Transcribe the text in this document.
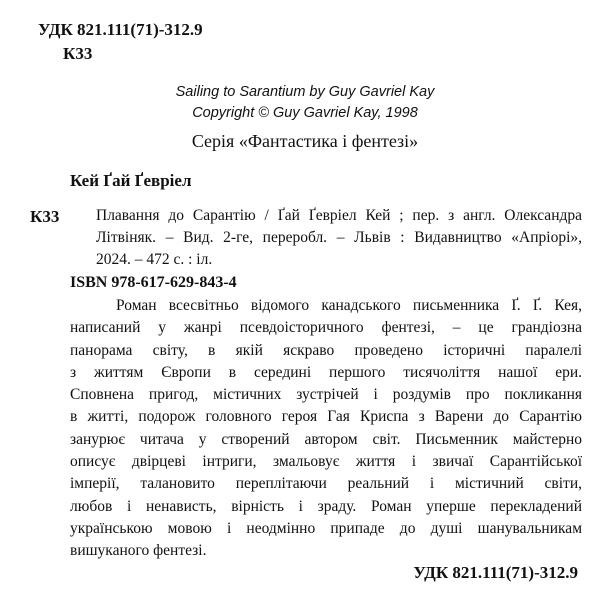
УДК 821.111(71)-312.9
К33
Sailing to Sarantium by Guy Gavriel Kay
Copyright © Guy Gavriel Kay, 1998
Серія «Фантастика і фентезі»
Кей Ґай Ґевріел
К33 Плавання до Сарантію / Ґай Ґевріел Кей ; пер. з англ. Олександра
Літвіняк. – Вид. 2-ге, переробл. – Львів : Видавництво «Апріорі»,
2024. – 472 с. : іл.
ISBN 978-617-629-843-4
Роман всесвітньо відомого канадського письменника Ґ. Ґ. Кея,
написаний у жанрі псевдоісторичного фентезі, – це грандіозна
панорама світу, в якій яскраво проведено історичні паралелі
з життям Європи в середині першого тисячоліття нашої ери.
Сповнена пригод, містичних зустрічей і роздумів про покликання
в житті, подорож головного героя Гая Криспа з Варени до Сарантію
занурює читача у створений автором світ. Письменник майстерно
описує двірцеві інтриги, змальовує життя і звичаї Сарантійської
імперії, талановито переплітаючи реальний і містичний світи,
любов і ненависть, вірність і зраду. Роман уперше перекладений
українською мовою і неодмінно припаде до душі шанувальникам
вишуканого фентезі.
УДК 821.111(71)-312.9
